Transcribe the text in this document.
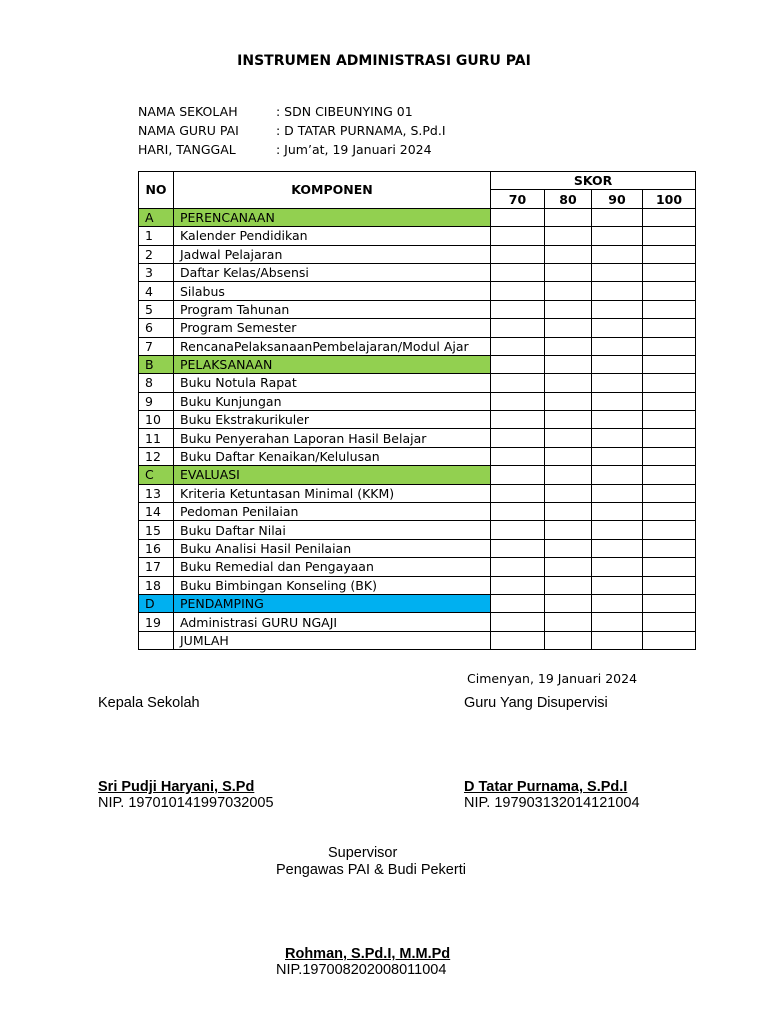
INSTRUMEN ADMINISTRASI GURU PAI
NAMA SEKOLAH	: SDN CIBEUNYING 01
NAMA GURU PAI	: D TATAR PURNAMA, S.Pd.I
HARI, TANGGAL	: Jum’at, 19 Januari 2024
NO	KOMPONEN	SKOR			
		70	80	90	100
A	PERENCANAAN				
1	Kalender Pendidikan				
2	Jadwal Pelajaran				
3	Daftar Kelas/Absensi				
4	Silabus				
5	Program Tahunan				
6	Program Semester				
7	RencanaPelaksanaanPembelajaran/Modul Ajar				
B	PELAKSANAAN				
8	Buku Notula Rapat				
9	Buku Kunjungan				
10	Buku Ekstrakurikuler				
11	Buku Penyerahan Laporan Hasil Belajar				
12	Buku Daftar Kenaikan/Kelulusan				
C	EVALUASI				
13	Kriteria Ketuntasan Minimal (KKM)				
14	Pedoman Penilaian				
15	Buku Daftar Nilai				
16	Buku Analisi Hasil Penilaian				
17	Buku Remedial dan Pengayaan				
18	Buku Bimbingan Konseling (BK)				
D	PENDAMPING				
19	Administrasi GURU NGAJI				
	JUMLAH				
Cimenyan, 19 Januari 2024
Kepala Sekolah
Sri Pudji Haryani, S.Pd
NIP. 197010141997032005
Guru Yang Disupervisi
D Tatar Purnama, S.Pd.I
NIP. 197903132014121004
Supervisor
Pengawas PAI & Budi Pekerti
Rohman, S.Pd.I, M.M.Pd
NIP.197008202008011004
